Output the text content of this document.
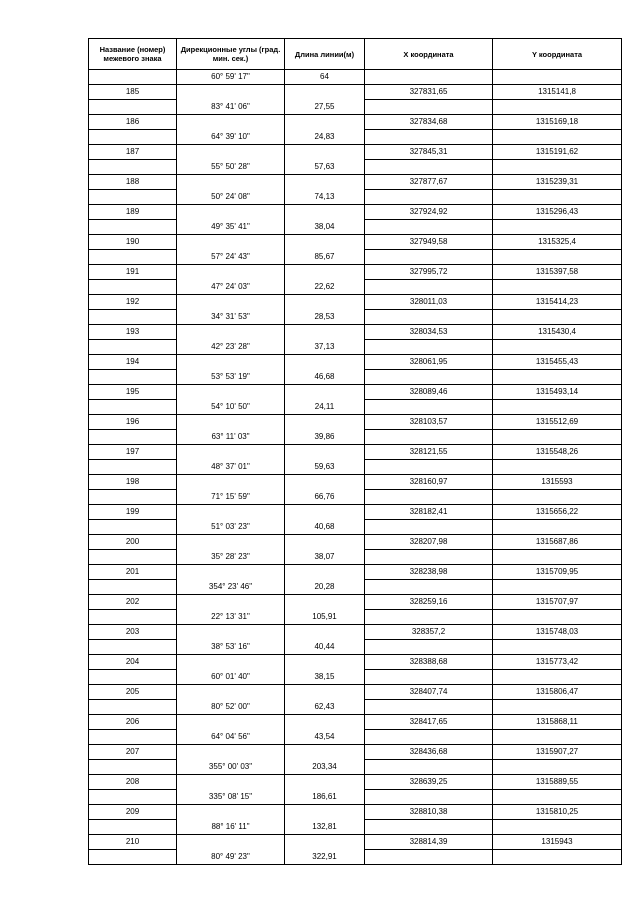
Название (номер) межевого знака	Дирекционные углы (град. мин. сек.)	Длина линии(м)	X координата	Y координата
	60° 59' 17"	64		
185			327831,65	1315141,8
	83° 41' 06"	27,55		
186			327834,68	1315169,18
	64° 39' 10"	24,83		
187			327845,31	1315191,62
	55° 50' 28"	57,63		
188			327877,67	1315239,31
	50° 24' 08"	74,13		
189			327924,92	1315296,43
	49° 35' 41"	38,04		
190			327949,58	1315325,4
	57° 24' 43"	85,67		
191			327995,72	1315397,58
	47° 24' 03"	22,62		
192			328011,03	1315414,23
	34° 31' 53"	28,53		
193			328034,53	1315430,4
	42° 23' 28"	37,13		
194			328061,95	1315455,43
	53° 53' 19"	46,68		
195			328089,46	1315493,14
	54° 10' 50"	24,11		
196			328103,57	1315512,69
	63° 11' 03"	39,86		
197			328121,55	1315548,26
	48° 37' 01"	59,63		
198			328160,97	1315593
	71° 15' 59"	66,76		
199			328182,41	1315656,22
	51° 03' 23"	40,68		
200			328207,98	1315687,86
	35° 28' 23"	38,07		
201			328238,98	1315709,95
	354° 23' 46"	20,28		
202			328259,16	1315707,97
	22° 13' 31"	105,91		
203			328357,2	1315748,03
	38° 53' 16"	40,44		
204			328388,68	1315773,42
	60° 01' 40"	38,15		
205			328407,74	1315806,47
	80° 52' 00"	62,43		
206			328417,65	1315868,11
	64° 04' 56"	43,54		
207			328436,68	1315907,27
	355° 00' 03"	203,34		
208			328639,25	1315889,55
	335° 08' 15"	186,61		
209			328810,38	1315810,25
	88° 16' 11"	132,81		
210			328814,39	1315943
	80° 49' 23"	322,91		
